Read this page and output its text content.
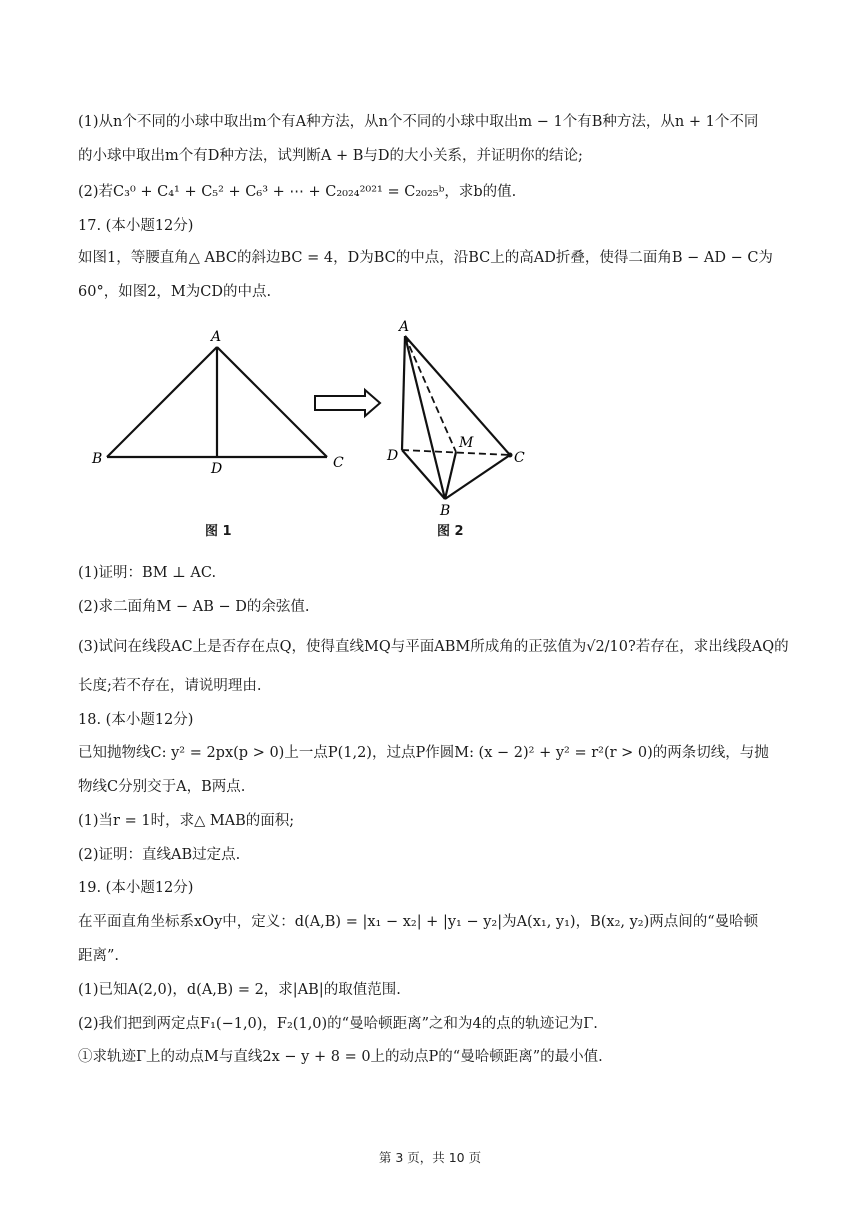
(1)从n个不同的小球中取出m个有A种方法，从n个不同的小球中取出m − 1个有B种方法，从n + 1个不同
的小球中取出m个有D种方法，试判断A + B与D的大小关系，并证明你的结论;
(2)若C₃⁰ + C₄¹ + C₅² + C₆³ + ⋯ + C₂₀₂₄²⁰²¹ = C₂₀₂₅ᵇ，求b的值.
17. (本小题12分)
如图1，等腰直角△ ABC的斜边BC = 4，D为BC的中点，沿BC上的高AD折叠，使得二面角B − AD − C为
60°，如图2，M为CD的中点.
A
B	C
D
A
D
M
C
B
图 1	图 2
(1)证明：BM ⊥ AC.
(2)求二面角M − AB − D的余弦值.
(3)试问在线段AC上是否存在点Q，使得直线MQ与平面ABM所成角的正弦值为√2/10?若存在，求出线段AQ的
长度;若不存在，请说明理由.
18. (本小题12分)
已知抛物线C: y² = 2px(p > 0)上一点P(1,2)，过点P作圆M: (x − 2)² + y² = r²(r > 0)的两条切线，与抛
物线C分别交于A，B两点.
(1)当r = 1时，求△ MAB的面积;
(2)证明：直线AB过定点.
19. (本小题12分)
在平面直角坐标系xOy中，定义：d(A,B) = |x₁ − x₂| + |y₁ − y₂|为A(x₁, y₁)，B(x₂, y₂)两点间的“曼哈顿
距离”.
(1)已知A(2,0)，d(A,B) = 2，求|AB|的取值范围.
(2)我们把到两定点F₁(−1,0)，F₂(1,0)的“曼哈顿距离”之和为4的点的轨迹记为Γ.
①求轨迹Γ上的动点M与直线2x − y + 8 = 0上的动点P的“曼哈顿距离”的最小值.
第 3 页，共 10 页
